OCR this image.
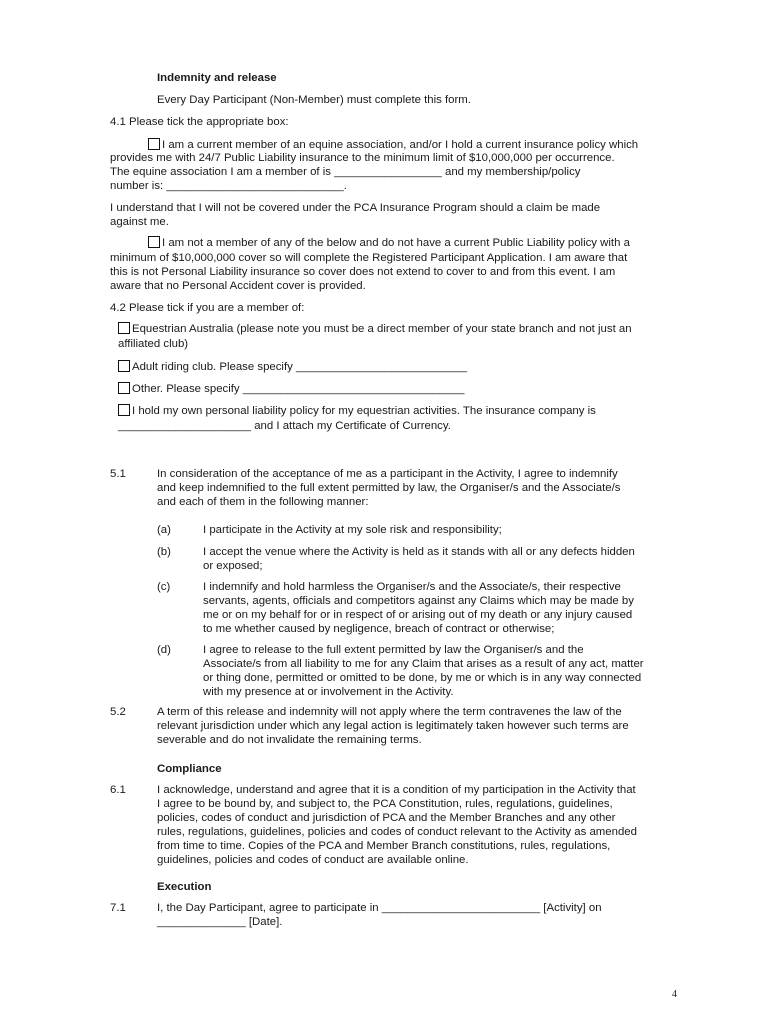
Indemnity and release

Every Day Participant (Non-Member) must complete this form.

4.1 Please tick the appropriate box:

I am a current member of an equine association, and/or I hold a current insurance policy which

provides me with 24/7 Public Liability insurance to the minimum limit of $10,000,000 per occurrence.

The equine association I am a member of is _________________ and my membership/policy

number is: ____________________________.

I understand that I will not be covered under the PCA Insurance Program should a claim be made

against me.

I am not a member of any of the below and do not have a current Public Liability policy with a

minimum of $10,000,000 cover so will complete the Registered Participant Application. I am aware that

this is not Personal Liability insurance so cover does not extend to cover to and from this event. I am

aware that no Personal Accident cover is provided.

4.2 Please tick if you are a member of:

Equestrian Australia (please note you must be a direct member of your state branch and not just an

affiliated club)

Adult riding club. Please specify ___________________________

Other. Please specify ___________________________________

I hold my own personal liability policy for my equestrian activities. The insurance company is

_____________________ and I attach my Certificate of Currency.

5.1	In consideration of the acceptance of me as a participant in the Activity, I agree to indemnify

and keep indemnified to the full extent permitted by law, the Organiser/s and the Associate/s

and each of them in the following manner:

(a)	I participate in the Activity at my sole risk and responsibility;

(b)	I accept the venue where the Activity is held as it stands with all or any defects hidden

or exposed;

(c)	I indemnify and hold harmless the Organiser/s and the Associate/s, their respective

servants, agents, officials and competitors against any Claims which may be made by

me or on my behalf for or in respect of or arising out of my death or any injury caused

to me whether caused by negligence, breach of contract or otherwise;

(d)	I agree to release to the full extent permitted by law the Organiser/s and the

Associate/s from all liability to me for any Claim that arises as a result of any act, matter

or thing done, permitted or omitted to be done, by me or which is in any way connected

with my presence at or involvement in the Activity.

5.2	A term of this release and indemnity will not apply where the term contravenes the law of the

relevant jurisdiction under which any legal action is legitimately taken however such terms are

severable and do not invalidate the remaining terms.

Compliance

6.1	I acknowledge, understand and agree that it is a condition of my participation in the Activity that

I agree to be bound by, and subject to, the PCA Constitution, rules, regulations, guidelines,

policies, codes of conduct and jurisdiction of PCA and the Member Branches and any other

rules, regulations, guidelines, policies and codes of conduct relevant to the Activity as amended

from time to time. Copies of the PCA and Member Branch constitutions, rules, regulations,

guidelines, policies and codes of conduct are available online.

Execution

7.1	I, the Day Participant, agree to participate in _________________________ [Activity] on

______________ [Date].

4
